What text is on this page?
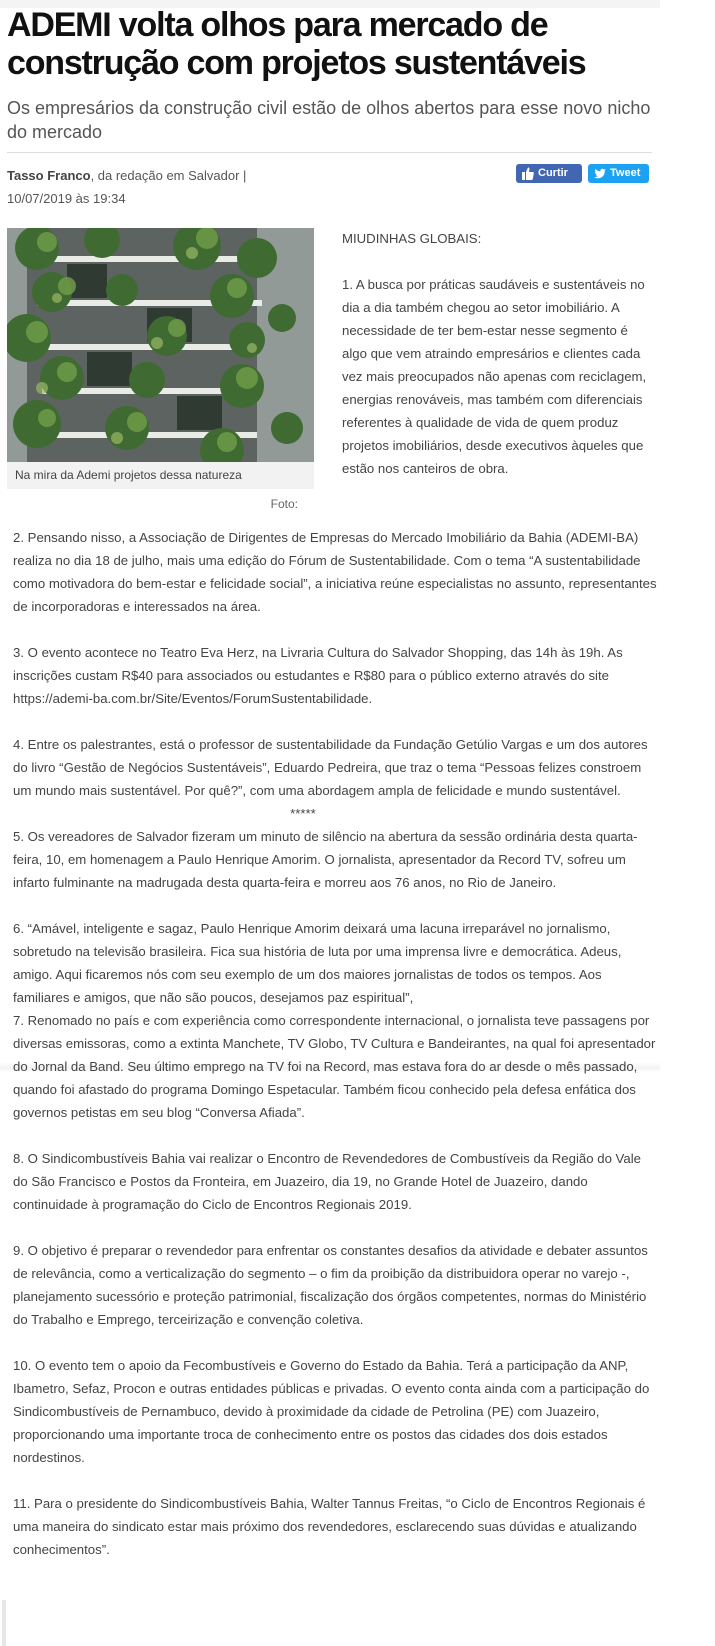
ADEMI volta olhos para mercado de construção com projetos sustentáveis
Os empresários da construção civil estão de olhos abertos para esse novo nicho do mercado
Tasso Franco, da redação em Salvador |
10/07/2019 às 19:34
Curtir 0
Tweet
Na mira da Ademi projetos dessa natureza
Foto:

MIUDINHAS GLOBAIS:

1. A busca por práticas saudáveis e sustentáveis no dia a dia também chegou ao setor imobiliário. A necessidade de ter bem-estar nesse segmento é algo que vem atraindo empresários e clientes cada vez mais preocupados não apenas com reciclagem, energias renováveis, mas também com diferenciais referentes à qualidade de vida de quem produz projetos imobiliários, desde executivos àqueles que estão nos canteiros de obra.

2. Pensando nisso, a Associação de Dirigentes de Empresas do Mercado Imobiliário da Bahia (ADEMI-BA) realiza no dia 18 de julho, mais uma edição do Fórum de Sustentabilidade. Com o tema “A sustentabilidade como motivadora do bem-estar e felicidade social”, a iniciativa reúne especialistas no assunto, representantes de incorporadoras e interessados na área.

3. O evento acontece no Teatro Eva Herz, na Livraria Cultura do Salvador Shopping, das 14h às 19h. As inscrições custam R$40 para associados ou estudantes e R$80 para o público externo através do site https://ademi-ba.com.br/Site/Eventos/ForumSustentabilidade.

4. Entre os palestrantes, está o professor de sustentabilidade da Fundação Getúlio Vargas e um dos autores do livro “Gestão de Negócios Sustentáveis”, Eduardo Pedreira, que traz o tema “Pessoas felizes constroem um mundo mais sustentável. Por quê?”, com uma abordagem ampla de felicidade e mundo sustentável.

*****

5. Os vereadores de Salvador fizeram um minuto de silêncio na abertura da sessão ordinária desta quarta-feira, 10, em homenagem a Paulo Henrique Amorim. O jornalista, apresentador da Record TV, sofreu um infarto fulminante na madrugada desta quarta-feira e morreu aos 76 anos, no Rio de Janeiro.

6. “Amável, inteligente e sagaz, Paulo Henrique Amorim deixará uma lacuna irreparável no jornalismo, sobretudo na televisão brasileira. Fica sua história de luta por uma imprensa livre e democrática. Adeus, amigo. Aqui ficaremos nós com seu exemplo de um dos maiores jornalistas de todos os tempos. Aos familiares e amigos, que não são poucos, desejamos paz espiritual”,

7. Renomado no país e com experiência como correspondente internacional, o jornalista teve passagens por diversas emissoras, como a extinta Manchete, TV Globo, TV Cultura e Bandeirantes, na qual foi apresentador do Jornal da Band. Seu último emprego na TV foi na Record, mas estava fora do ar desde o mês passado, quando foi afastado do programa Domingo Espetacular. Também ficou conhecido pela defesa enfática dos governos petistas em seu blog “Conversa Afiada”.

8. O Sindicombustíveis Bahia vai realizar o Encontro de Revendedores de Combustíveis da Região do Vale do São Francisco e Postos da Fronteira, em Juazeiro, dia 19, no Grande Hotel de Juazeiro, dando continuidade à programação do Ciclo de Encontros Regionais 2019.

9. O objetivo é preparar o revendedor para enfrentar os constantes desafios da atividade e debater assuntos de relevância, como a verticalização do segmento – o fim da proibição da distribuidora operar no varejo -, planejamento sucessório e proteção patrimonial, fiscalização dos órgãos competentes, normas do Ministério do Trabalho e Emprego, terceirização e convenção coletiva.

10. O evento tem o apoio da Fecombustíveis e Governo do Estado da Bahia. Terá a participação da ANP, Ibametro, Sefaz, Procon e outras entidades públicas e privadas. O evento conta ainda com a participação do Sindicombustíveis de Pernambuco, devido à proximidade da cidade de Petrolina (PE) com Juazeiro, proporcionando uma importante troca de conhecimento entre os postos das cidades dos dois estados nordestinos.

11. Para o presidente do Sindicombustíveis Bahia, Walter Tannus Freitas, “o Ciclo de Encontros Regionais é uma maneira do sindicato estar mais próximo dos revendedores, esclarecendo suas dúvidas e atualizando conhecimentos”.
